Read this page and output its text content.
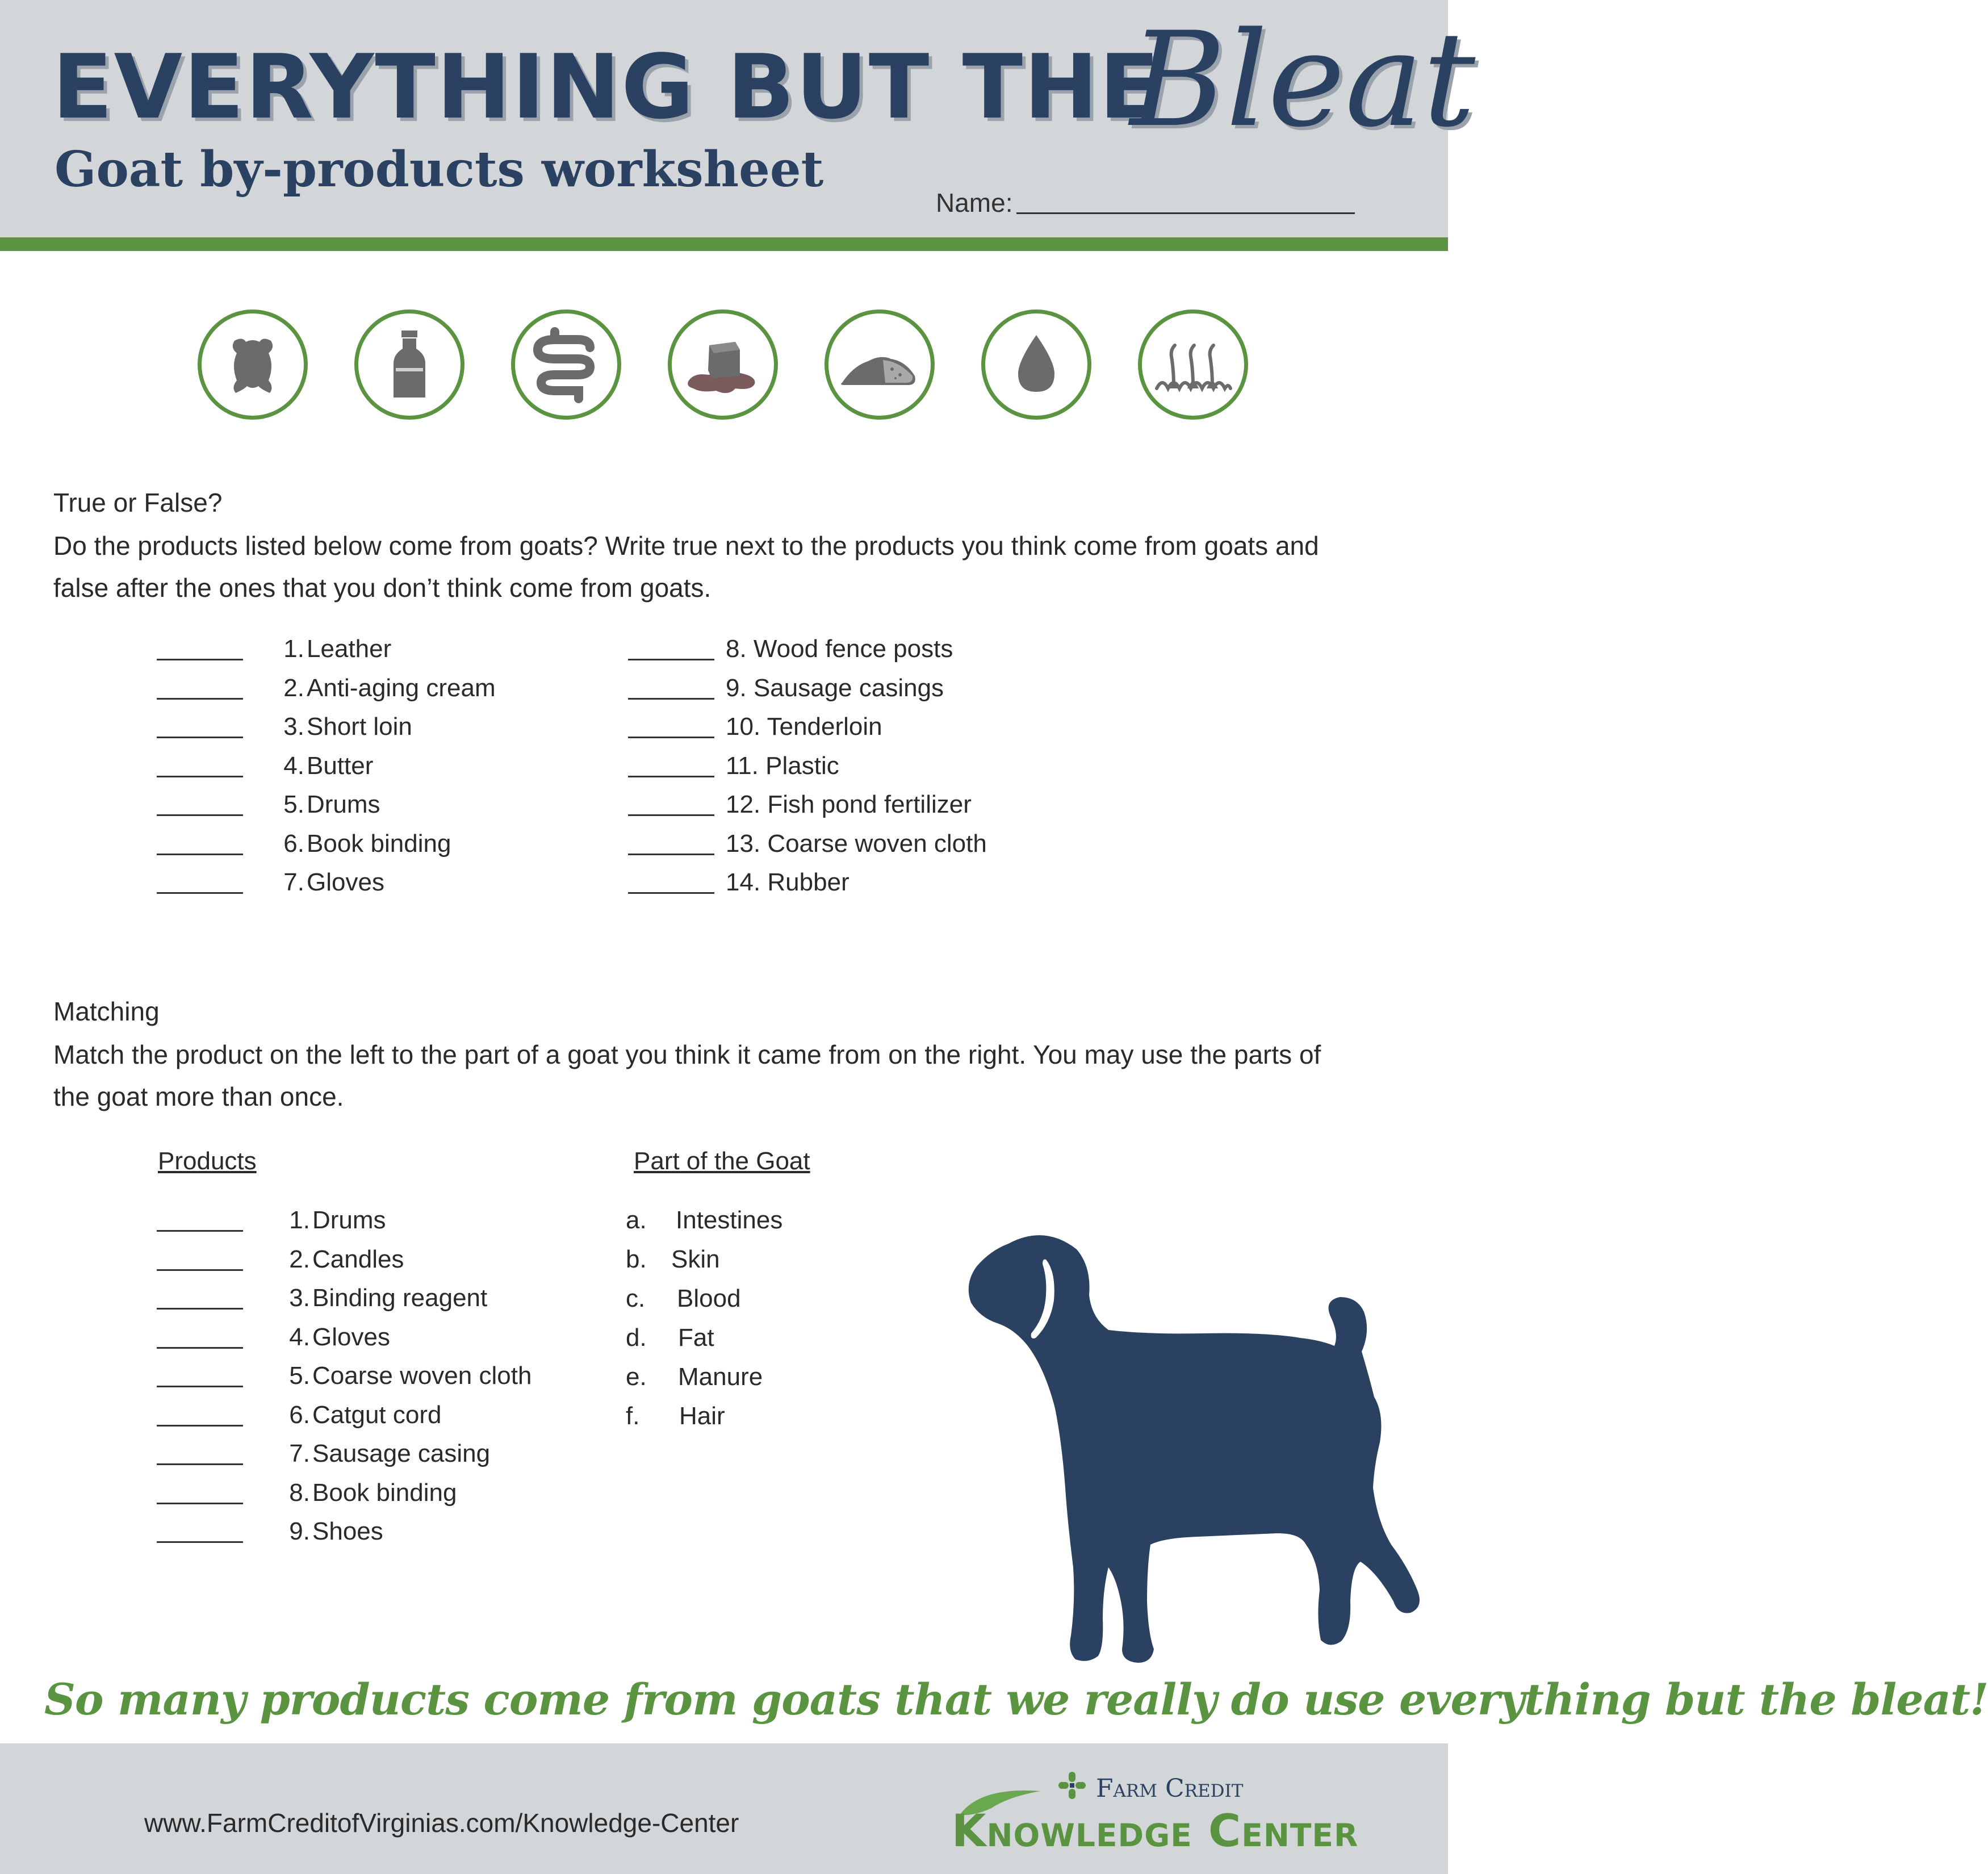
EVERYTHING BUT THE
Bleat
Goat by-products worksheet
Name:
True or False?
Do the products listed below come from goats? Write true next to the products you think come from goats and false after the ones that you don’t think come from goats.
1. Leather
2. Anti-aging cream
3. Short loin
4. Butter
5. Drums
6. Book binding
7. Gloves
8. Wood fence posts
9. Sausage casings
10. Tenderloin
11. Plastic
12. Fish pond fertilizer
13. Coarse woven cloth
14. Rubber
Matching
Match the product on the left to the part of a goat you think it came from on the right. You may use the parts of the goat more than once.
Products	Part of the Goat
1. Drums
2. Candles
3. Binding reagent
4. Gloves
5. Coarse woven cloth
6. Catgut cord
7. Sausage casing
8. Book binding
9. Shoes
a. Intestines
b. Skin
c. Blood
d. Fat
e. Manure
f. Hair
So many products come from goats that we really do use everything but the bleat!
www.FarmCreditofVirginias.com/Knowledge-Center
Farm Credit
Knowledge Center
